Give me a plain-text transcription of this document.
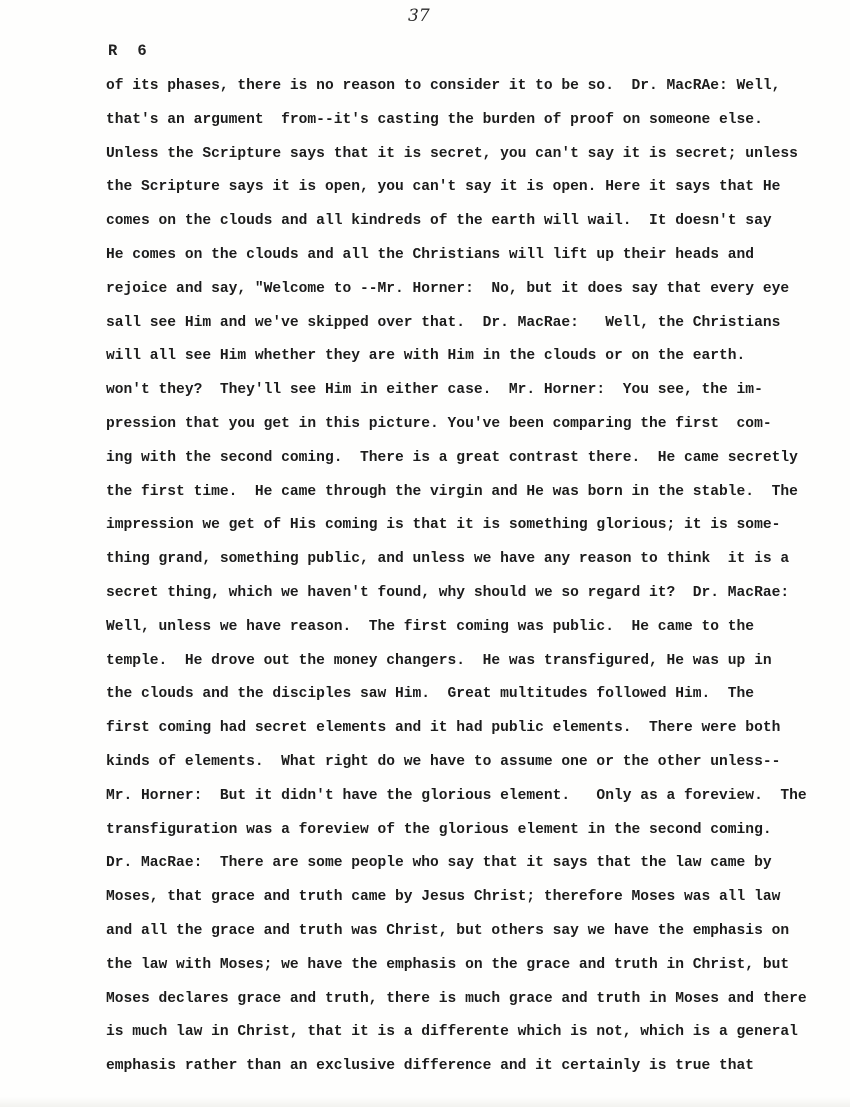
37
R  6
of its phases, there is no reason to consider it to be so.  Dr. MacRAe: Well,
that's an argument  from--it's casting the burden of proof on someone else.
Unless the Scripture says that it is secret, you can't say it is secret; unless
the Scripture says it is open, you can't say it is open. Here it says that He
comes on the clouds and all kindreds of the earth will wail.  It doesn't say
He comes on the clouds and all the Christians will lift up their heads and
rejoice and say, "Welcome to --Mr. Horner:  No, but it does say that every eye
sall see Him and we've skipped over that.  Dr. MacRae:   Well, the Christians
will all see Him whether they are with Him in the clouds or on the earth.
won't they?  They'll see Him in either case.  Mr. Horner:  You see, the im-
pression that you get in this picture. You've been comparing the first  com-
ing with the second coming.  There is a great contrast there.  He came secretly
the first time.  He came through the virgin and He was born in the stable.  The
impression we get of His coming is that it is something glorious; it is some-
thing grand, something public, and unless we have any reason to think  it is a
secret thing, which we haven't found, why should we so regard it?  Dr. MacRae:
Well, unless we have reason.  The first coming was public.  He came to the
temple.  He drove out the money changers.  He was transfigured, He was up in
the clouds and the disciples saw Him.  Great multitudes followed Him.  The
first coming had secret elements and it had public elements.  There were both
kinds of elements.  What right do we have to assume one or the other unless--
Mr. Horner:  But it didn't have the glorious element.   Only as a foreview.  The
transfiguration was a foreview of the glorious element in the second coming.
Dr. MacRae:  There are some people who say that it says that the law came by
Moses, that grace and truth came by Jesus Christ; therefore Moses was all law
and all the grace and truth was Christ, but others say we have the emphasis on
the law with Moses; we have the emphasis on the grace and truth in Christ, but
Moses declares grace and truth, there is much grace and truth in Moses and there
is much law in Christ, that it is a differente which is not, which is a general
emphasis rather than an exclusive difference and it certainly is true that
